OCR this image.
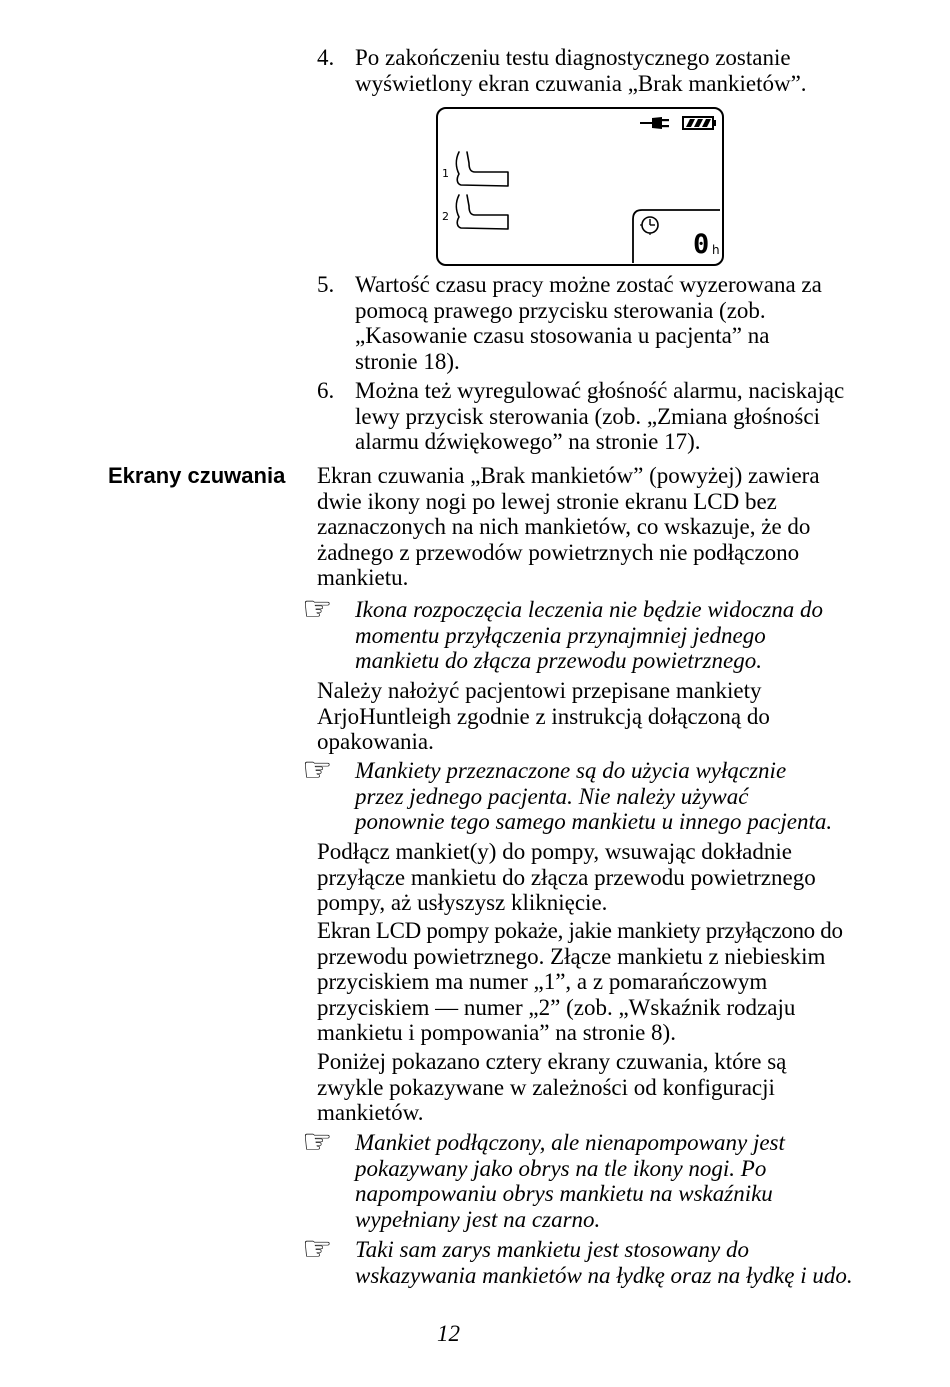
4. Po zakończeniu testu diagnostycznego zostanie
wyświetlony ekran czuwania „Brak mankietów”.
1
2
0 h
5. Wartość czasu pracy możne zostać wyzerowana za
pomocą prawego przycisku sterowania (zob.
„Kasowanie czasu stosowania u pacjenta” na
stronie 18).
6. Można też wyregulować głośność alarmu, naciskając
lewy przycisk sterowania (zob. „Zmiana głośności
alarmu dźwiękowego” na stronie 17).
Ekrany czuwania Ekran czuwania „Brak mankietów” (powyżej) zawiera
dwie ikony nogi po lewej stronie ekranu LCD bez
zaznaczonych na nich mankietów, co wskazuje, że do
żadnego z przewodów powietrznych nie podłączono
mankietu.
☞ Ikona rozpoczęcia leczenia nie będzie widoczna do
momentu przyłączenia przynajmniej jednego
mankietu do złącza przewodu powietrznego.
Należy nałożyć pacjentowi przepisane mankiety
ArjoHuntleigh zgodnie z instrukcją dołączoną do
opakowania.
☞ Mankiety przeznaczone są do użycia wyłącznie
przez jednego pacjenta. Nie należy używać
ponownie tego samego mankietu u innego pacjenta.
Podłącz mankiet(y) do pompy, wsuwając dokładnie
przyłącze mankietu do złącza przewodu powietrznego
pompy, aż usłyszysz kliknięcie.
Ekran LCD pompy pokaże, jakie mankiety przyłączono do
przewodu powietrznego. Złącze mankietu z niebieskim
przyciskiem ma numer „1”, a z pomarańczowym
przyciskiem — numer „2” (zob. „Wskaźnik rodzaju
mankietu i pompowania” na stronie 8).
Poniżej pokazano cztery ekrany czuwania, które są
zwykle pokazywane w zależności od konfiguracji
mankietów.
☞ Mankiet podłączony, ale nienapompowany jest
pokazywany jako obrys na tle ikony nogi. Po
napompowaniu obrys mankietu na wskaźniku
wypełniany jest na czarno.
☞ Taki sam zarys mankietu jest stosowany do
wskazywania mankietów na łydkę oraz na łydkę i udo.
12
